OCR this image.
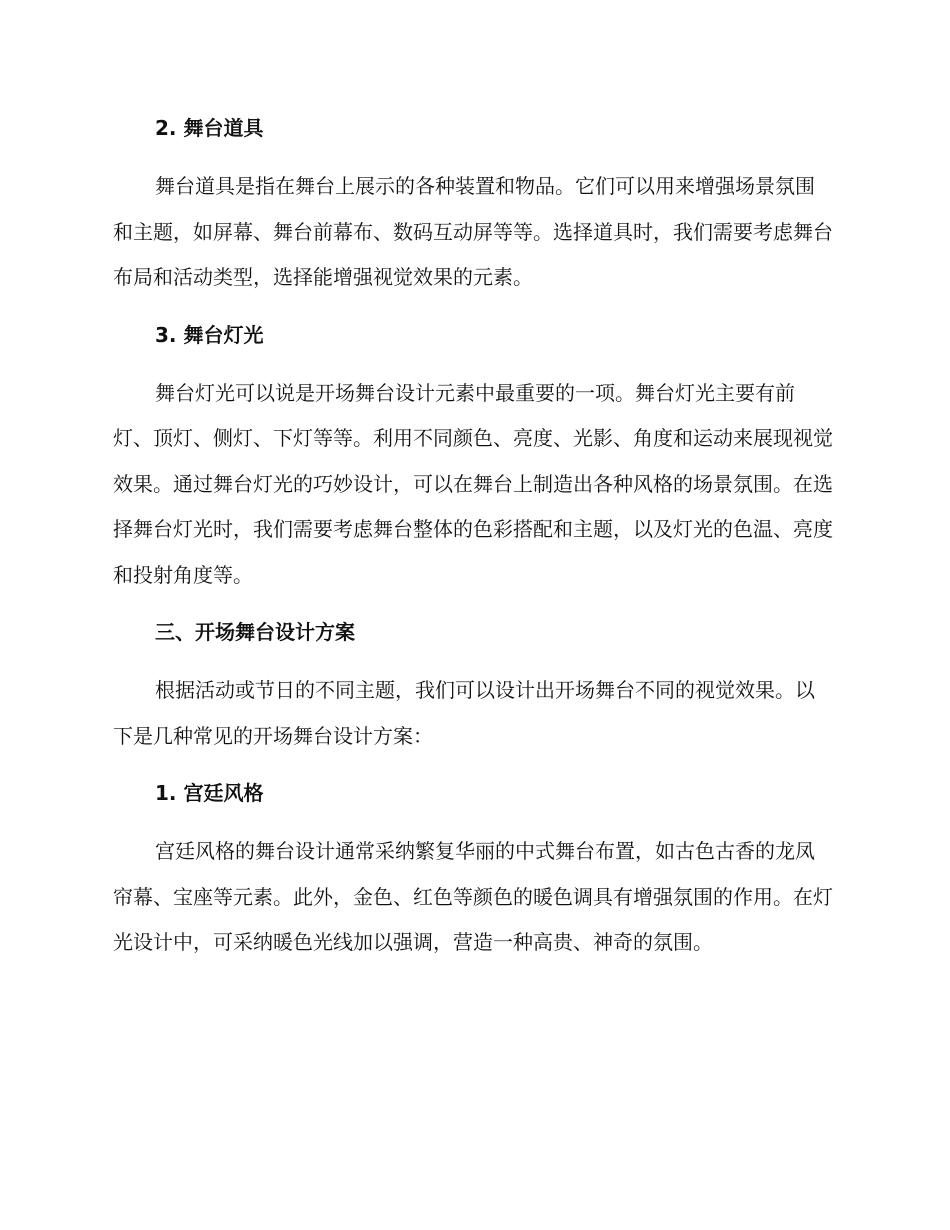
2. 舞台道具

舞台道具是指在舞台上展示的各种装置和物品。它们可以用来增强场景氛围和主题，如屏幕、舞台前幕布、数码互动屏等等。选择道具时，我们需要考虑舞台布局和活动类型，选择能增强视觉效果的元素。

3. 舞台灯光

舞台灯光可以说是开场舞台设计元素中最重要的一项。舞台灯光主要有前灯、顶灯、侧灯、下灯等等。利用不同颜色、亮度、光影、角度和运动来展现视觉效果。通过舞台灯光的巧妙设计，可以在舞台上制造出各种风格的场景氛围。在选择舞台灯光时，我们需要考虑舞台整体的色彩搭配和主题，以及灯光的色温、亮度和投射角度等。

三、开场舞台设计方案

根据活动或节日的不同主题，我们可以设计出开场舞台不同的视觉效果。以下是几种常见的开场舞台设计方案：

1. 宫廷风格

宫廷风格的舞台设计通常采纳繁复华丽的中式舞台布置，如古色古香的龙凤帘幕、宝座等元素。此外，金色、红色等颜色的暖色调具有增强氛围的作用。在灯光设计中，可采纳暖色光线加以强调，营造一种高贵、神奇的氛围。
